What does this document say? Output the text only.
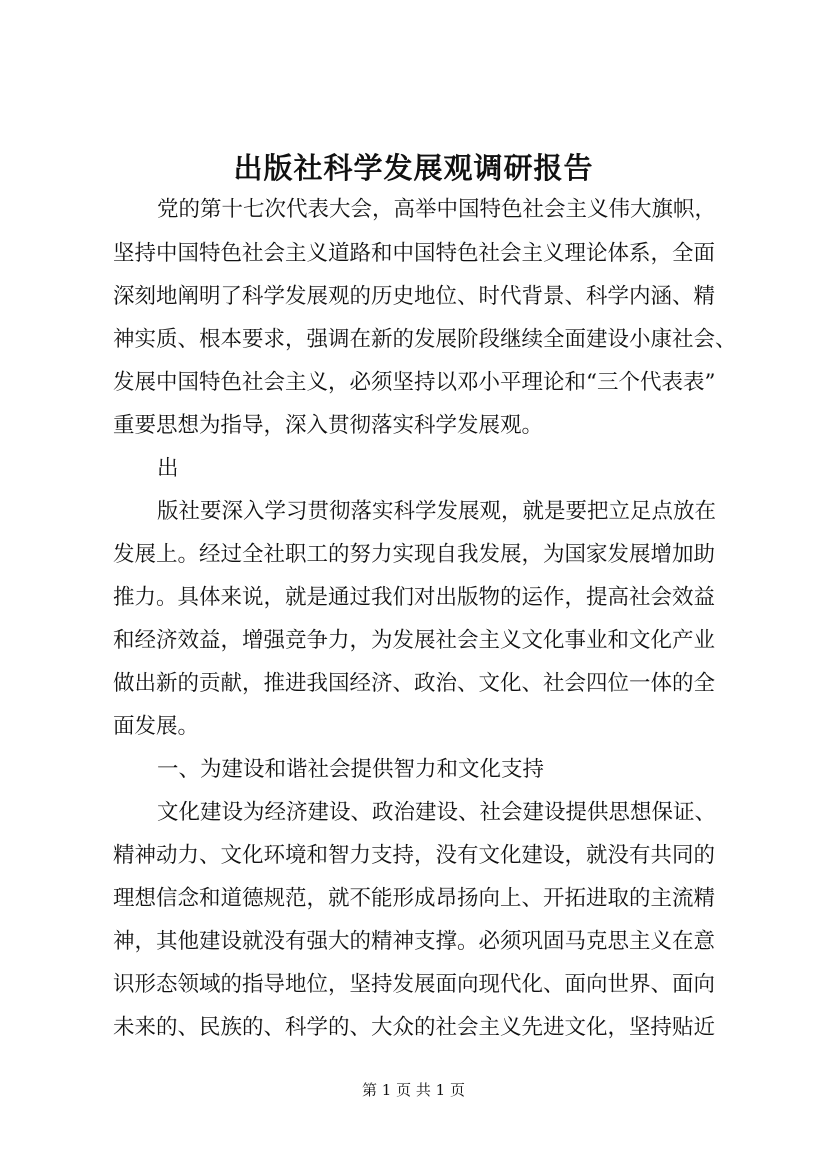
出版社科学发展观调研报告
党的第十七次代表大会，高举中国特色社会主义伟大旗帜，
坚持中国特色社会主义道路和中国特色社会主义理论体系，全面
深刻地阐明了科学发展观的历史地位、时代背景、科学内涵、精
神实质、根本要求，强调在新的发展阶段继续全面建设小康社会、
发展中国特色社会主义，必须坚持以邓小平理论和“三个代表表”
重要思想为指导，深入贯彻落实科学发展观。
出
版社要深入学习贯彻落实科学发展观，就是要把立足点放在
发展上。经过全社职工的努力实现自我发展，为国家发展增加助
推力。具体来说，就是通过我们对出版物的运作，提高社会效益
和经济效益，增强竞争力，为发展社会主义文化事业和文化产业
做出新的贡献，推进我国经济、政治、文化、社会四位一体的全
面发展。
一、为建设和谐社会提供智力和文化支持
文化建设为经济建设、政治建设、社会建设提供思想保证、
精神动力、文化环境和智力支持，没有文化建设，就没有共同的
理想信念和道德规范，就不能形成昂扬向上、开拓进取的主流精
神，其他建设就没有强大的精神支撑。必须巩固马克思主义在意
识形态领域的指导地位，坚持发展面向现代化、面向世界、面向
未来的、民族的、科学的、大众的社会主义先进文化，坚持贴近
第 1 页 共 1 页
